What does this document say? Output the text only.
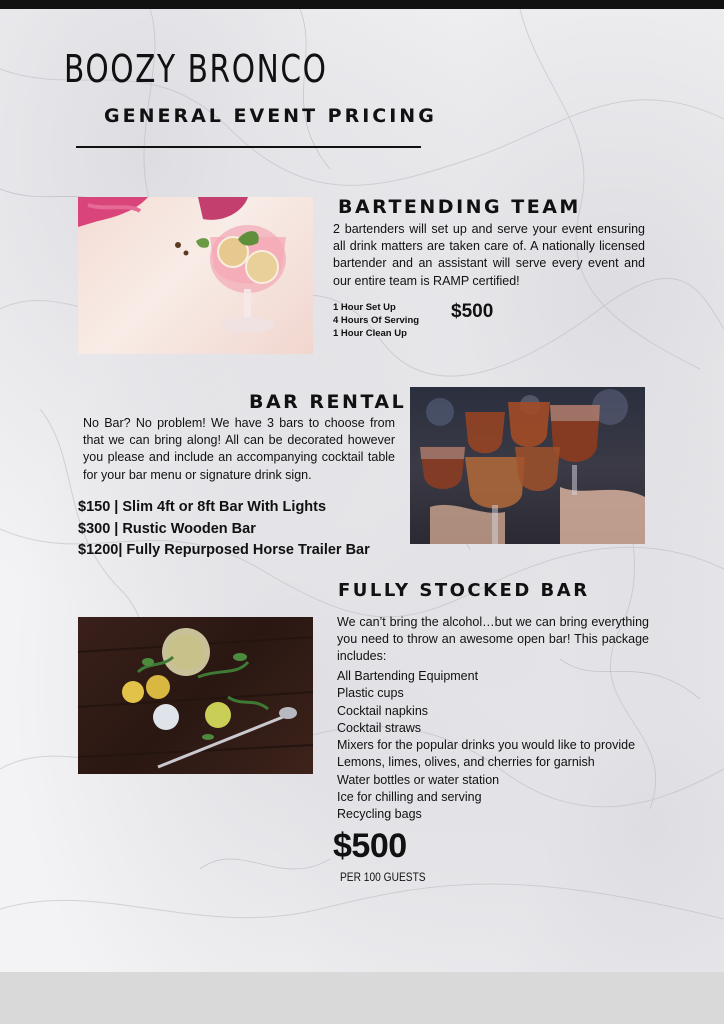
BOOZY BRONCO
GENERAL EVENT PRICING
BARTENDING TEAM
2 bartenders will set up and serve your event ensuring all drink matters are taken care of. A nationally licensed bartender and an assistant will serve every event and our entire team is RAMP certified!
1 Hour Set Up
4 Hours Of Serving
1 Hour Clean Up
$500
BAR RENTAL
No Bar? No problem! We have 3 bars to choose from that we can bring along! All can be decorated however you please and include an accompanying cocktail table for your bar menu or signature drink sign.
$150 | Slim 4ft or 8ft Bar With Lights
$300 | Rustic Wooden Bar
$1200| Fully Repurposed Horse Trailer Bar
FULLY STOCKED BAR
We can’t bring the alcohol…but we can bring everything you need to throw an awesome open bar! This package includes:
All Bartending Equipment
Plastic cups
Cocktail napkins
Cocktail straws
Mixers for the popular drinks you would like to provide
Lemons, limes, olives, and cherries for garnish
Water bottles or water station
Ice for chilling and serving
Recycling bags
$500
PER 100 GUESTS
